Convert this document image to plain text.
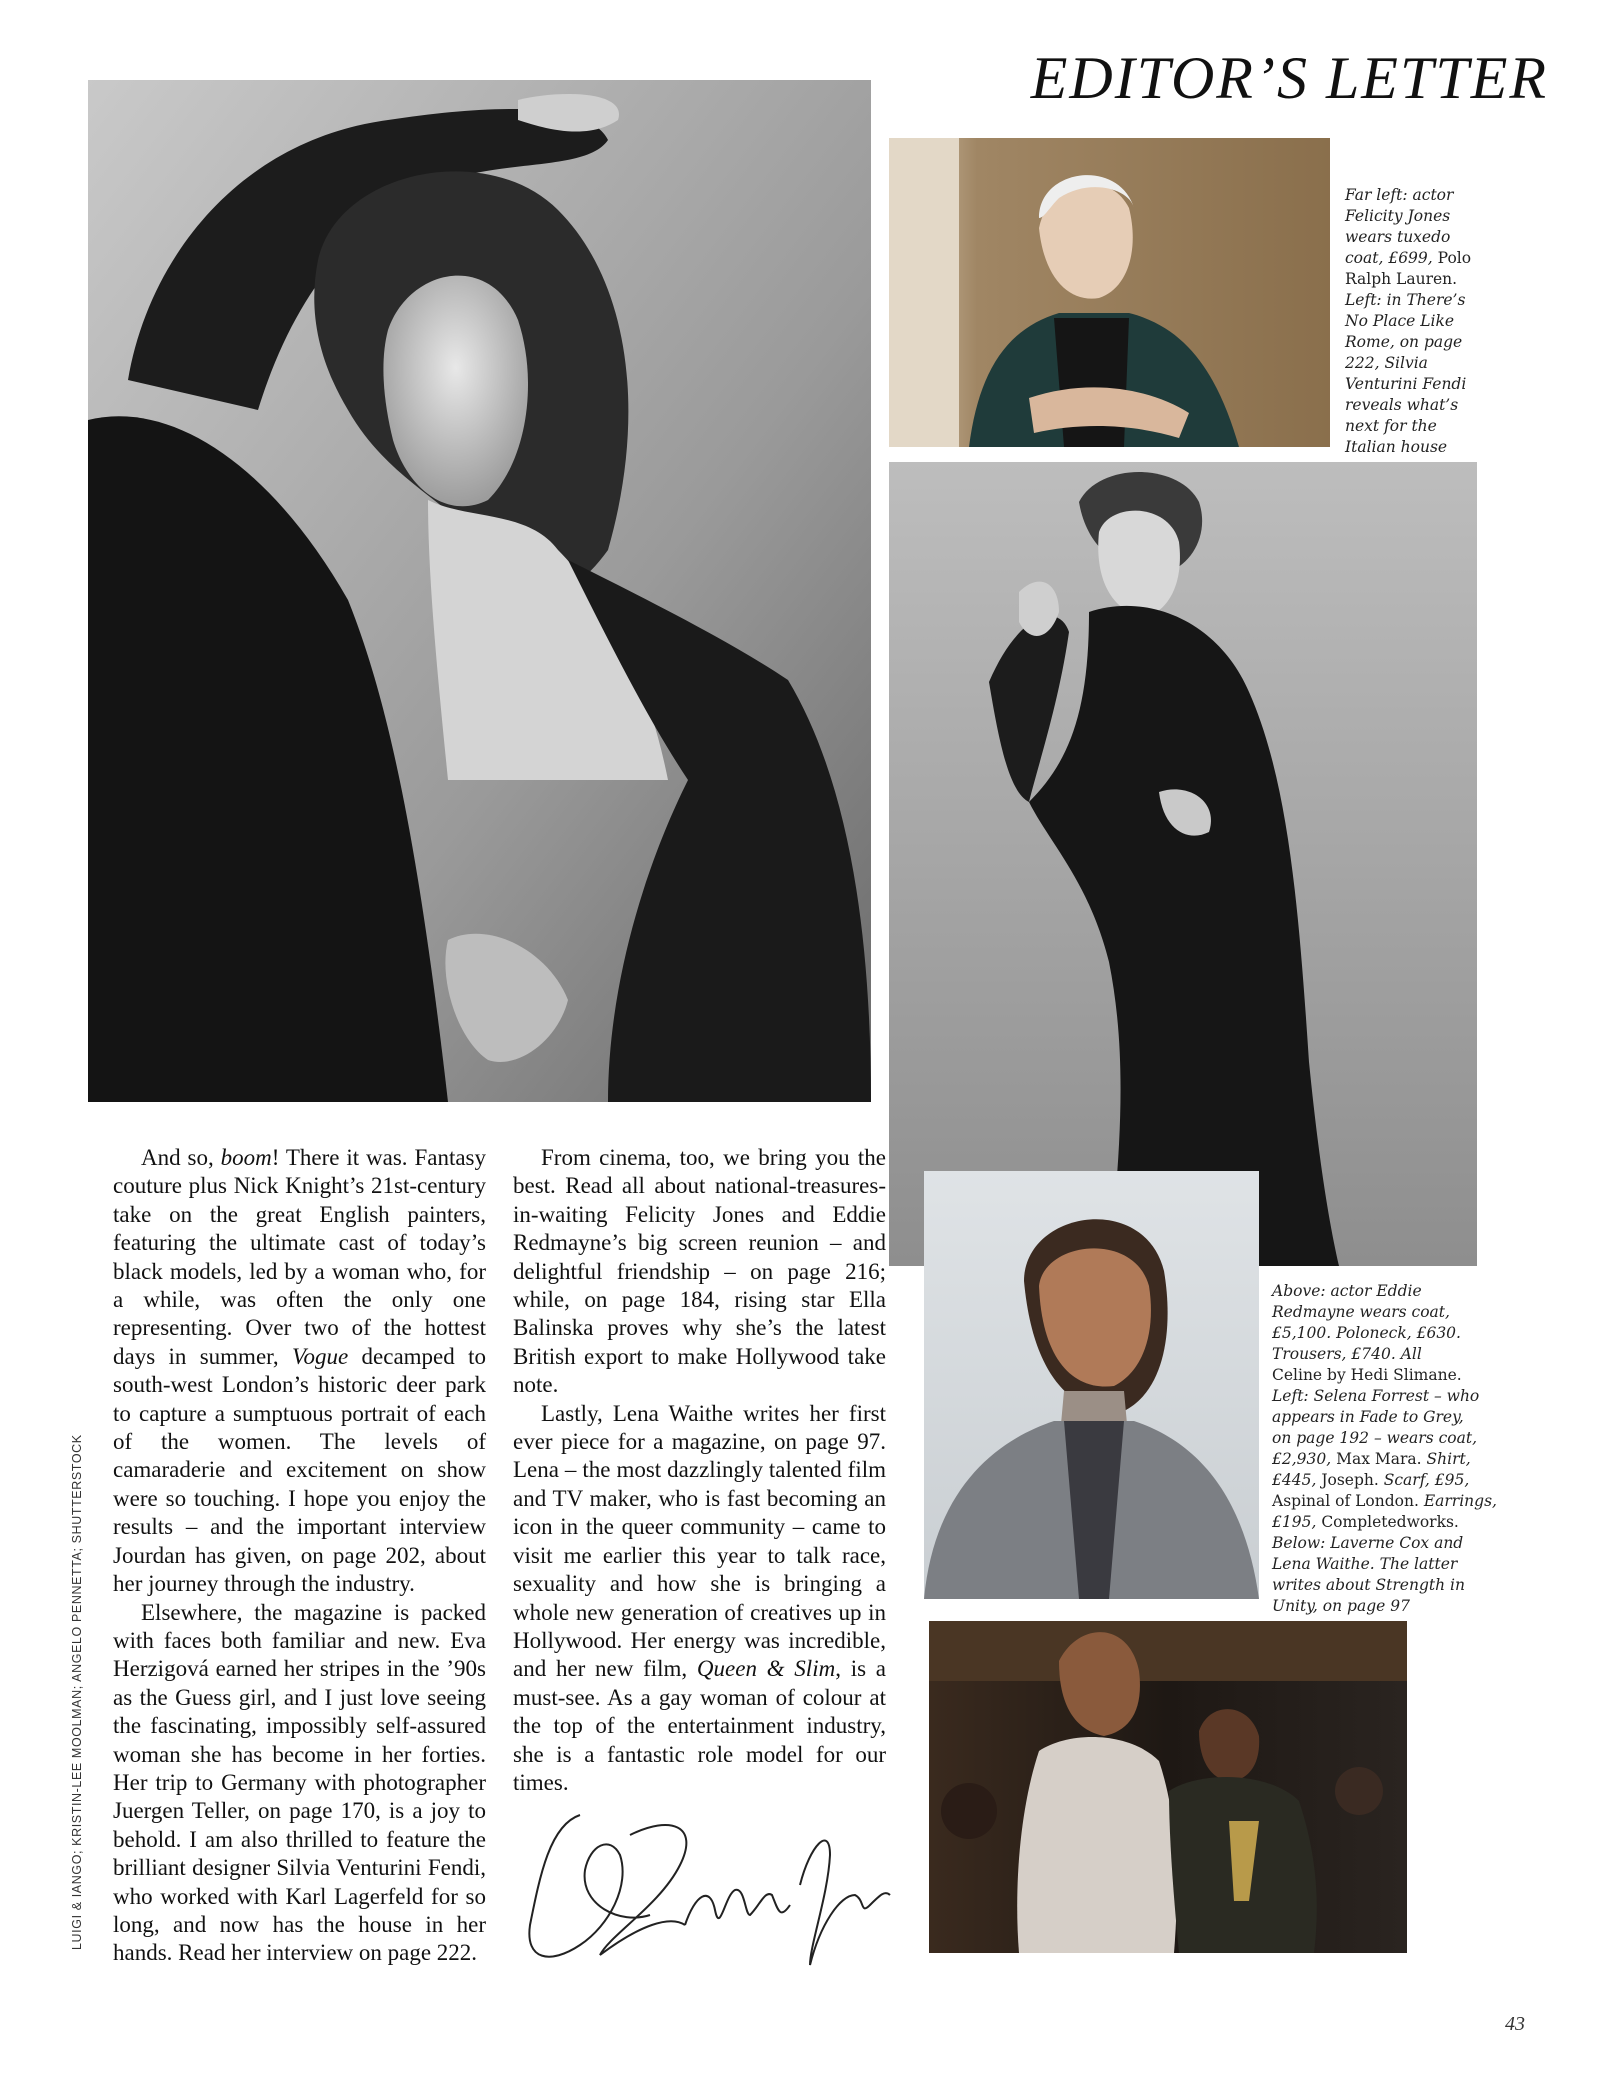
EDITOR’S LETTER
Far left: actor
Felicity Jones
wears tuxedo
coat, £699, Polo
Ralph Lauren.
Left: in There’s
No Place Like
Rome, on page
222, Silvia
Venturini Fendi
reveals what’s
next for the
Italian house
Above: actor Eddie
Redmayne wears coat,
£5,100. Poloneck, £630.
Trousers, £740. All
Celine by Hedi Slimane.
Left: Selena Forrest – who
appears in Fade to Grey,
on page 192 – wears coat,
£2,930, Max Mara. Shirt,
£445, Joseph. Scarf, £95,
Aspinal of London. Earrings,
£195, Completedworks.
Below: Laverne Cox and
Lena Waithe. The latter
writes about Strength in
Unity, on page 97

And so, boom! There it was. Fantasy couture plus Nick Knight’s 21st-century take on the great English painters, featuring the ultimate cast of today’s black models, led by a woman who, for a while, was often the only one representing. Over two of the hottest days in summer, Vogue decamped to south-west London’s historic deer park to capture a sumptuous portrait of each of the women. The levels of camaraderie and excitement on show were so touching. I hope you enjoy the results – and the important interview Jourdan has given, on page 202, about her journey through the industry.

Elsewhere, the magazine is packed with faces both familiar and new. Eva Herzigová earned her stripes in the ’90s as the Guess girl, and I just love seeing the fascinating, impossibly self-assured woman she has become in her forties. Her trip to Germany with photographer Juergen Teller, on page 170, is a joy to behold. I am also thrilled to feature the brilliant designer Silvia Venturini Fendi, who worked with Karl Lagerfeld for so long, and now has the house in her hands. Read her interview on page 222.

From cinema, too, we bring you the best. Read all about national-treasures-in-waiting Felicity Jones and Eddie Redmayne’s big screen reunion – and delightful friendship – on page 216; while, on page 184, rising star Ella Balinska proves why she’s the latest British export to make Hollywood take note.

Lastly, Lena Waithe writes her first ever piece for a magazine, on page 97. Lena – the most dazzlingly talented film and TV maker, who is fast becoming an icon in the queer community – came to visit me earlier this year to talk race, sexuality and how she is bringing a whole new generation of creatives up in Hollywood. Her energy was incredible, and her new film, Queen & Slim, is a must-see. As a gay woman of colour at the top of the entertainment industry, she is a fantastic role model for our times.

LUIGI & IANGO; KRISTIN-LEE MOOLMAN; ANGELO PENNETTA; SHUTTERSTOCK
43
